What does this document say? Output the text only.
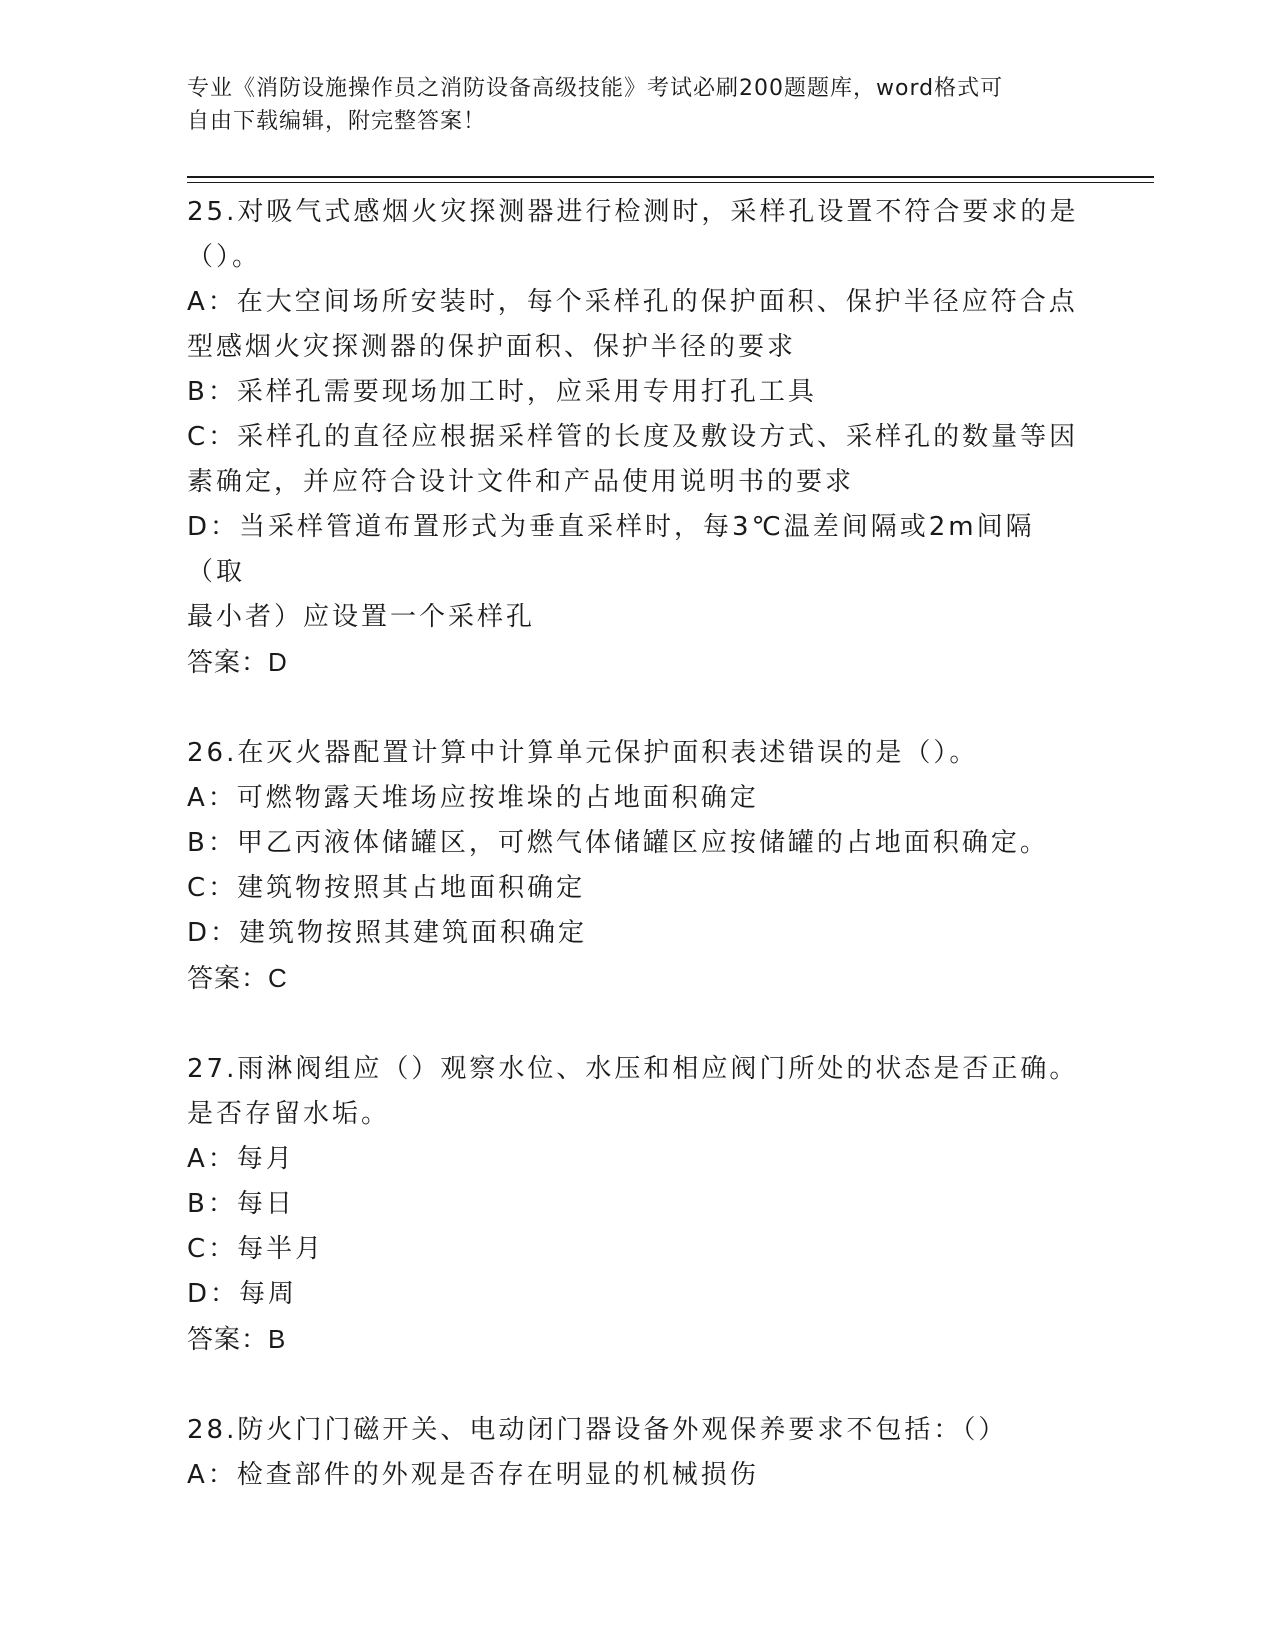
专业《消防设施操作员之消防设备高级技能》考试必刷200题题库，word格式可
自由下载编辑，附完整答案！
25.对吸气式感烟火灾探测器进行检测时，采样孔设置不符合要求的是
（）。
A：在大空间场所安装时，每个采样孔的保护面积、保护半径应符合点
型感烟火灾探测器的保护面积、保护半径的要求
B：采样孔需要现场加工时，应采用专用打孔工具
C：采样孔的直径应根据采样管的长度及敷设方式、采样孔的数量等因
素确定，并应符合设计文件和产品使用说明书的要求
D：当采样管道布置形式为垂直采样时，每3℃温差间隔或2m间隔（取
最小者）应设置一个采样孔
答案：D
26.在灭火器配置计算中计算单元保护面积表述错误的是（）。
A：可燃物露天堆场应按堆垛的占地面积确定
B：甲乙丙液体储罐区，可燃气体储罐区应按储罐的占地面积确定。
C：建筑物按照其占地面积确定
D：建筑物按照其建筑面积确定
答案：C
27.雨淋阀组应（）观察水位、水压和相应阀门所处的状态是否正确。
是否存留水垢。
A：每月
B：每日
C：每半月
D：每周
答案：B
28.防火门门磁开关、电动闭门器设备外观保养要求不包括：（）
A：检查部件的外观是否存在明显的机械损伤
